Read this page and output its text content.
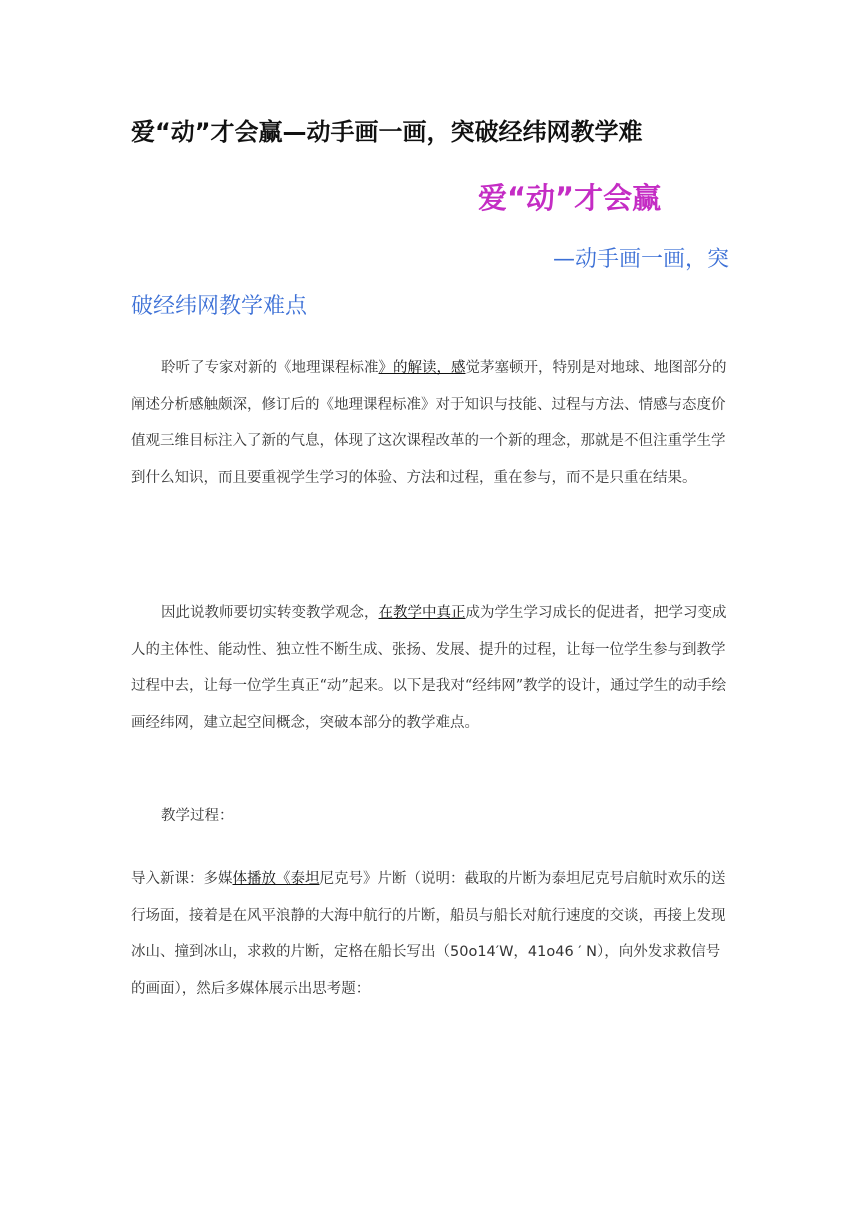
爱“动”才会赢—动手画一画，突破经纬网教学难
爱“动”才会赢
—动手画一画，突
破经纬网教学难点

聆听了专家对新的《地理课程标准》的解读，感觉茅塞顿开，特别是对地球、地图部分的阐述分析感触颇深，修订后的《地理课程标准》对于知识与技能、过程与方法、情感与态度价值观三维目标注入了新的气息，体现了这次课程改革的一个新的理念，那就是不但注重学生学到什么知识，而且要重视学生学习的体验、方法和过程，重在参与，而不是只重在结果。

因此说教师要切实转变教学观念，在教学中真正成为学生学习成长的促进者，把学习变成人的主体性、能动性、独立性不断生成、张扬、发展、提升的过程，让每一位学生参与到教学过程中去，让每一位学生真正“动”起来。以下是我对“经纬网”教学的设计，通过学生的动手绘画经纬网，建立起空间概念，突破本部分的教学难点。

教学过程：

导入新课：多媒体播放《泰坦尼克号》片断（说明：截取的片断为泰坦尼克号启航时欢乐的送行场面，接着是在风平浪静的大海中航行的片断，船员与船长对航行速度的交谈，再接上发现冰山、撞到冰山，求救的片断，定格在船长写出（50o14′W，41o46 ′ N），向外发求救信号的画面），然后多媒体展示出思考题：
